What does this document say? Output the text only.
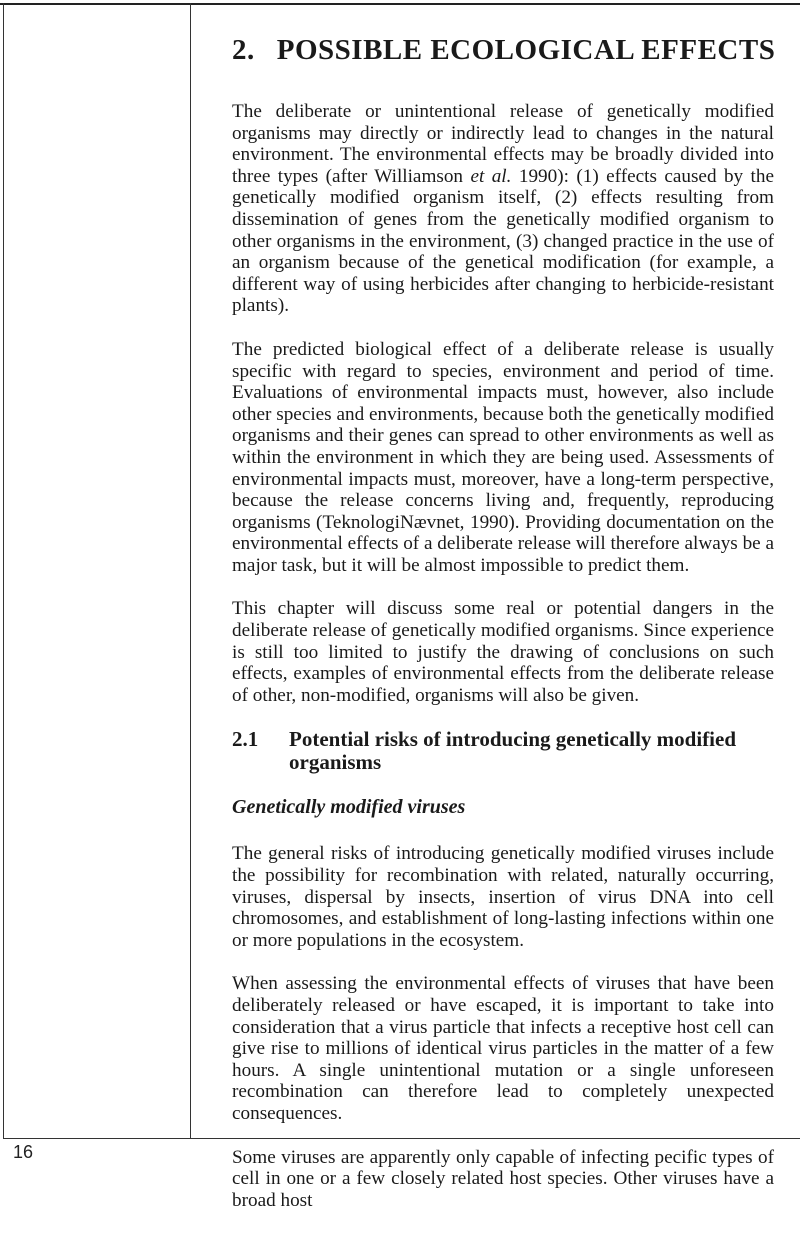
16
2. POSSIBLE ECOLOGICAL EFFECTS

The deliberate or unintentional release of genetically modified organisms may directly or indirectly lead to changes in the natural environment. The environmental effects may be broadly divided into three types (after Williamson et al. 1990): (1) effects caused by the genetically modified organism itself, (2) effects resulting from dissemination of genes from the genetically modified organism to other organisms in the environment, (3) changed practice in the use of an organism because of the genetical modification (for example, a different way of using herbicides after changing to herbicide-resistant plants).

The predicted biological effect of a deliberate release is usually specific with regard to species, environment and period of time. Evaluations of environmental impacts must, however, also include other species and environments, because both the genetically modified organisms and their genes can spread to other environments as well as within the environment in which they are being used. Assessments of environmental impacts must, moreover, have a long-term perspective, because the release concerns living and, frequently, reproducing organisms (TeknologiNævnet, 1990). Providing documentation on the environmental effects of a deliberate release will therefore always be a major task, but it will be almost impossible to predict them.

This chapter will discuss some real or potential dangers in the deliberate release of genetically modified organisms. Since experience is still too limited to justify the drawing of conclusions on such effects, examples of environmental effects from the deliberate release of other, non-modified, organisms will also be given.

2.1	Potential risks of introducing genetically modified organisms
Genetically modified viruses

The general risks of introducing genetically modified viruses include the possibility for recombination with related, naturally occurring, viruses, dispersal by insects, insertion of virus DNA into cell chromosomes, and establishment of long-lasting infections within one or more populations in the ecosystem.

When assessing the environmental effects of viruses that have been deliberately released or have escaped, it is important to take into consideration that a virus particle that infects a receptive host cell can give rise to millions of identical virus particles in the matter of a few hours. A single unintentional mutation or a single unforeseen recombination can therefore lead to completely unexpected consequences.

Some viruses are apparently only capable of infecting pecific types of cell in one or a few closely related host species. Other viruses have a broad host
